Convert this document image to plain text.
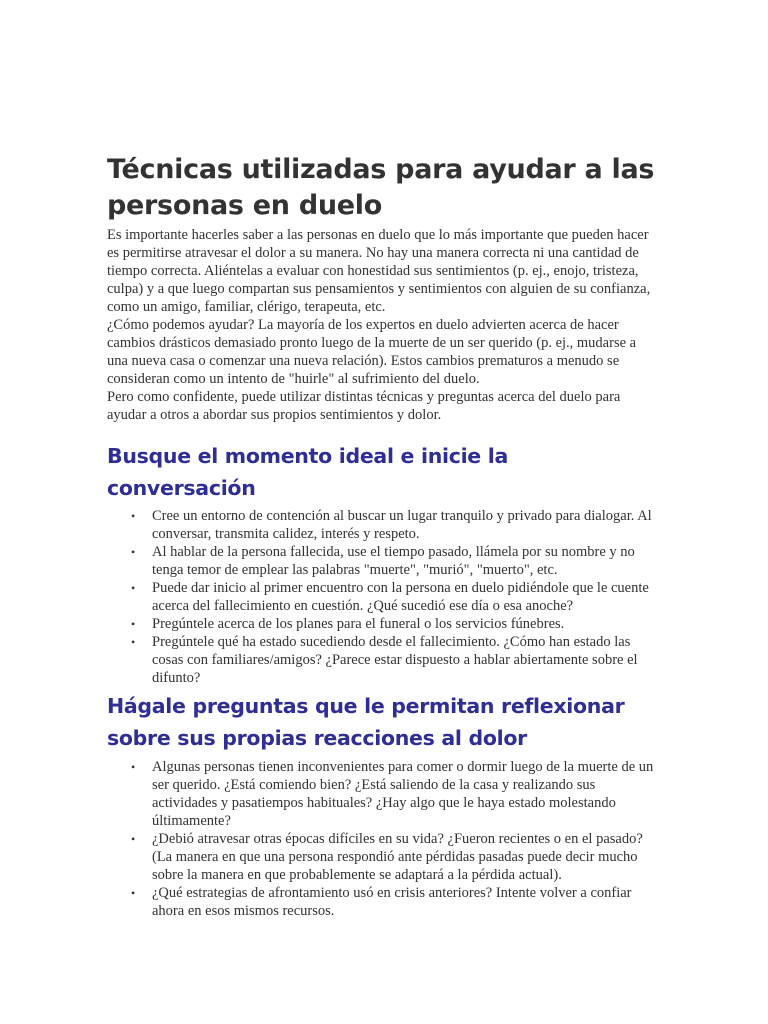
Técnicas utilizadas para ayudar a las personas en duelo

Es importante hacerles saber a las personas en duelo que lo más importante que pueden hacer es permitirse atravesar el dolor a su manera. No hay una manera correcta ni una cantidad de tiempo correcta. Aliéntelas a evaluar con honestidad sus sentimientos (p. ej., enojo, tristeza, culpa) y a que luego compartan sus pensamientos y sentimientos con alguien de su confianza, como un amigo, familiar, clérigo, terapeuta, etc.

¿Cómo podemos ayudar? La mayoría de los expertos en duelo advierten acerca de hacer cambios drásticos demasiado pronto luego de la muerte de un ser querido (p. ej., mudarse a una nueva casa o comenzar una nueva relación). Estos cambios prematuros a menudo se consideran como un intento de "huirle" al sufrimiento del duelo.

Pero como confidente, puede utilizar distintas técnicas y preguntas acerca del duelo para ayudar a otros a abordar sus propios sentimientos y dolor.

Busque el momento ideal e inicie la conversación
• Cree un entorno de contención al buscar un lugar tranquilo y privado para dialogar. Al conversar, transmita calidez, interés y respeto.
• Al hablar de la persona fallecida, use el tiempo pasado, llámela por su nombre y no tenga temor de emplear las palabras "muerte", "murió", "muerto", etc.
• Puede dar inicio al primer encuentro con la persona en duelo pidiéndole que le cuente acerca del fallecimiento en cuestión. ¿Qué sucedió ese día o esa anoche?
• Pregúntele acerca de los planes para el funeral o los servicios fúnebres.
• Pregúntele qué ha estado sucediendo desde el fallecimiento. ¿Cómo han estado las cosas con familiares/amigos? ¿Parece estar dispuesto a hablar abiertamente sobre el difunto?
Hágale preguntas que le permitan reflexionar sobre sus propias reacciones al dolor
• Algunas personas tienen inconvenientes para comer o dormir luego de la muerte de un ser querido. ¿Está comiendo bien? ¿Está saliendo de la casa y realizando sus actividades y pasatiempos habituales? ¿Hay algo que le haya estado molestando últimamente?
• ¿Debió atravesar otras épocas difíciles en su vida? ¿Fueron recientes o en el pasado? (La manera en que una persona respondió ante pérdidas pasadas puede decir mucho sobre la manera en que probablemente se adaptará a la pérdida actual).
• ¿Qué estrategias de afrontamiento usó en crisis anteriores? Intente volver a confiar ahora en esos mismos recursos.
